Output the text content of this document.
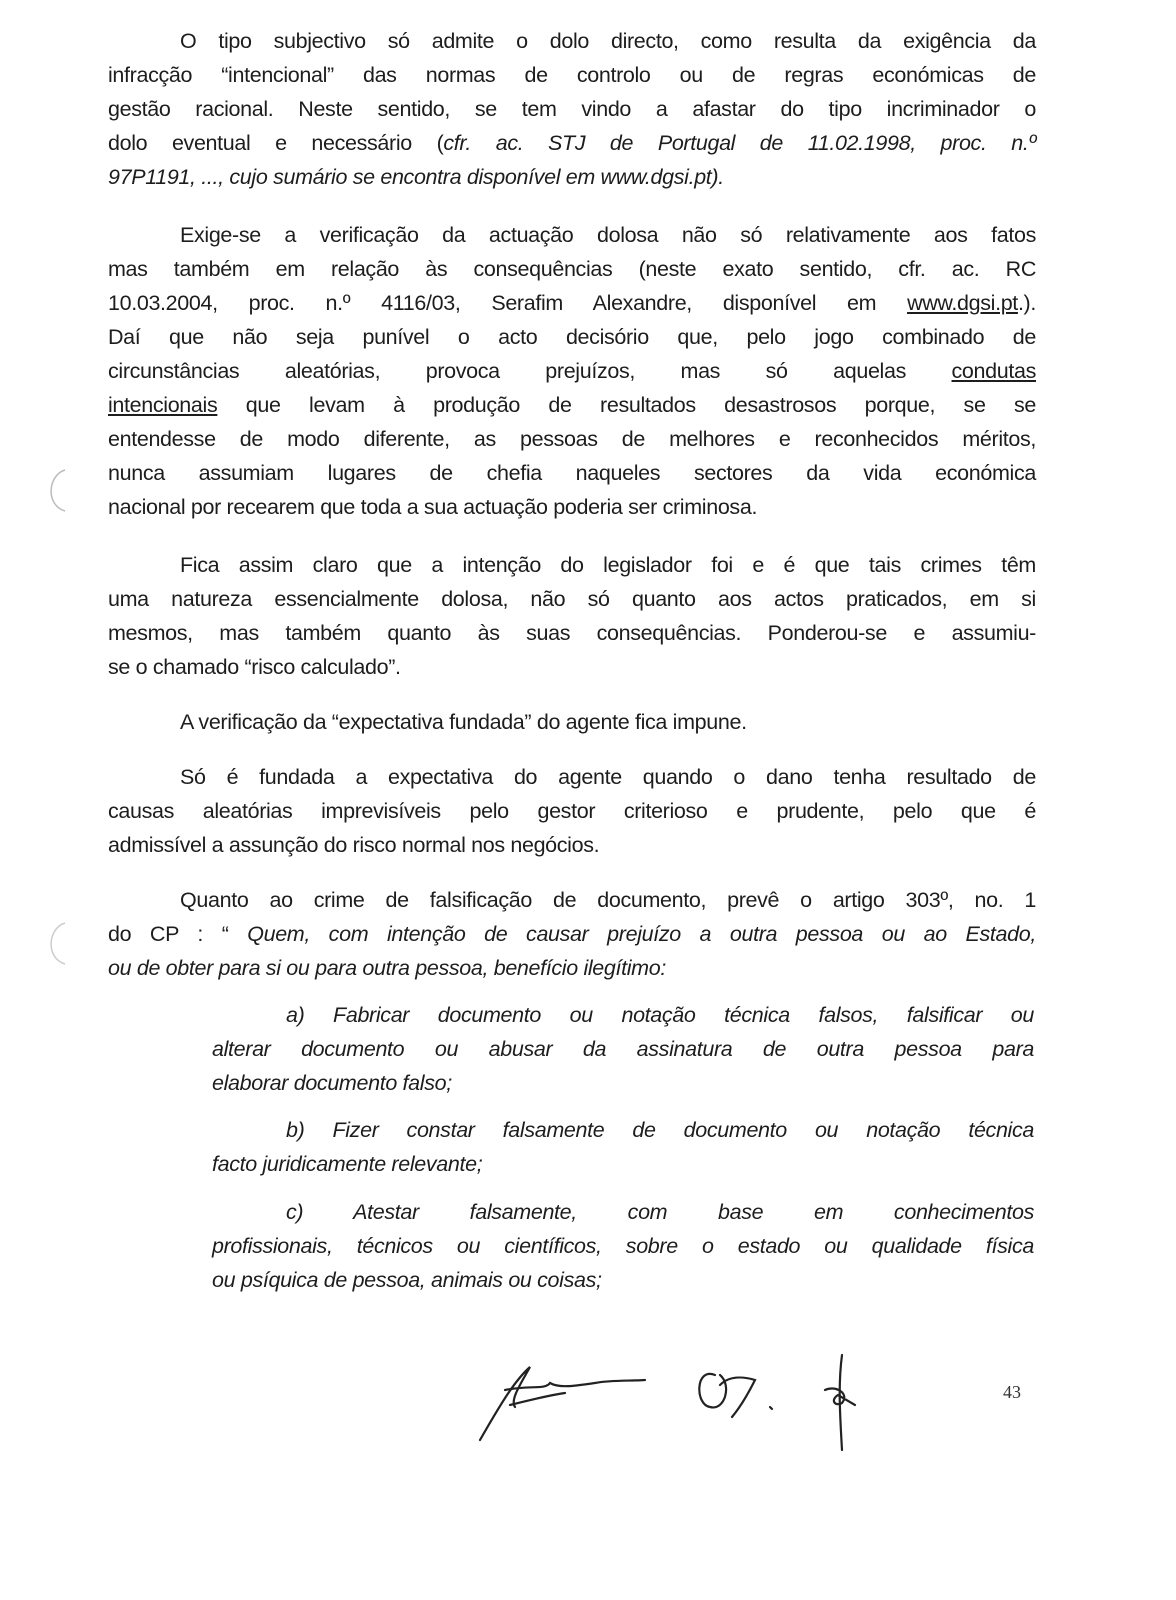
O tipo subjectivo só admite o dolo directo, como resulta da exigência da
infracção “intencional” das normas de controlo ou de regras económicas de
gestão racional. Neste sentido, se tem vindo a afastar do tipo incriminador o
dolo eventual e necessário (cfr. ac. STJ de Portugal de 11.02.1998, proc. n.º
97P1191, ..., cujo sumário se encontra disponível em www.dgsi.pt).
Exige-se a verificação da actuação dolosa não só relativamente aos fatos
mas também em relação às consequências (neste exato sentido, cfr. ac. RC
10.03.2004, proc. n.º 4116/03, Serafim Alexandre, disponível em www.dgsi.pt.).
Daí que não seja punível o acto decisório que, pelo jogo combinado de
circunstâncias aleatórias, provoca prejuízos, mas só aquelas condutas
intencionais que levam à produção de resultados desastrosos porque, se se
entendesse de modo diferente, as pessoas de melhores e reconhecidos méritos,
nunca assumiam lugares de chefia naqueles sectores da vida económica
nacional por recearem que toda a sua actuação poderia ser criminosa.
Fica assim claro que a intenção do legislador foi e é que tais crimes têm
uma natureza essencialmente dolosa, não só quanto aos actos praticados, em si
mesmos, mas também quanto às suas consequências. Ponderou-se e assumiu-
se o chamado “risco calculado”.
A verificação da “expectativa fundada” do agente fica impune.
Só é fundada a expectativa do agente quando o dano tenha resultado de
causas aleatórias imprevisíveis pelo gestor criterioso e prudente, pelo que é
admissível a assunção do risco normal nos negócios.
Quanto ao crime de falsificação de documento, prevê o artigo 303º, no. 1
do CP : “ Quem, com intenção de causar prejuízo a outra pessoa ou ao Estado,
ou de obter para si ou para outra pessoa, benefício ilegítimo:
a) Fabricar documento ou notação técnica falsos, falsificar ou
alterar documento ou abusar da assinatura de outra pessoa para
elaborar documento falso;
b) Fizer constar falsamente de documento ou notação técnica
facto juridicamente relevante;
c) Atestar falsamente, com base em conhecimentos
profissionais, técnicos ou científicos, sobre o estado ou qualidade física
ou psíquica de pessoa, animais ou coisas;
43
